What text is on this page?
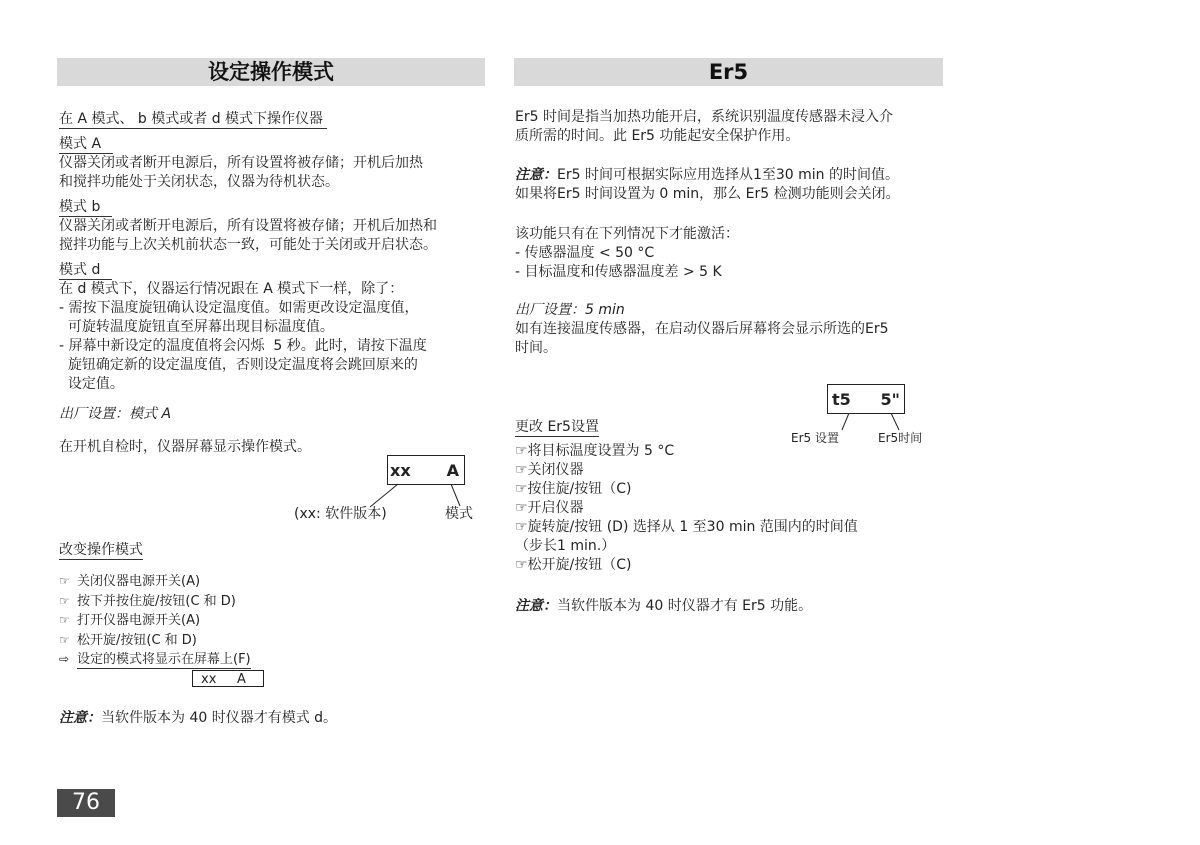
设定操作模式
在 A 模式、 b 模式或者 d 模式下操作仪器
模式 A
仪器关闭或者断开电源后，所有设置将被存储；开机后加热
和搅拌功能处于关闭状态，仪器为待机状态。
模式 b
仪器关闭或者断开电源后，所有设置将被存储；开机后加热和
搅拌功能与上次关机前状态一致，可能处于关闭或开启状态。
模式 d
在 d 模式下，仪器运行情况跟在 A 模式下一样，除了：
- 需按下温度旋钮确认设定温度值。如需更改设定温度值，
可旋转温度旋钮直至屏幕出现目标温度值。
- 屏幕中新设定的温度值将会闪烁  5 秒。此时，请按下温度
旋钮确定新的设定温度值，否则设定温度将会跳回原来的
设定值。
出厂设置：模式 A
在开机自检时，仪器屏幕显示操作模式。
xx A
(xx: 软件版本)	模式
改变操作模式
☞ 关闭仪器电源开关(A)
☞ 按下并按住旋/按钮(C 和 D)
☞ 打开仪器电源开关(A)
☞ 松开旋/按钮(C 和 D)
⇨ 设定的模式将显示在屏幕上(F)
xx     A
注意：当软件版本为 40 时仪器才有模式 d。
76
Er5
Er5 时间是指当加热功能开启，系统识别温度传感器未浸入介
质所需的时间。此 Er5 功能起安全保护作用。
注意：Er5 时间可根据实际应用选择从1至30 min 的时间值。
如果将Er5 时间设置为 0 min，那么 Er5 检测功能则会关闭。
该功能只有在下列情况下才能激活：
- 传感器温度 < 50 °C
- 目标温度和传感器温度差 > 5 K
出厂设置：5 min
如有连接温度传感器，在启动仪器后屏幕将会显示所选的Er5
时间。
t5 5"
Er5 设置	Er5时间
更改 Er5设置
☞将目标温度设置为 5 °C
☞关闭仪器
☞按住旋/按钮（C)
☞开启仪器
☞旋转旋/按钮 (D) 选择从 1 至30 min 范围内的时间值
（步长1 min.）
☞松开旋/按钮（C)
注意：当软件版本为 40 时仪器才有 Er5 功能。
